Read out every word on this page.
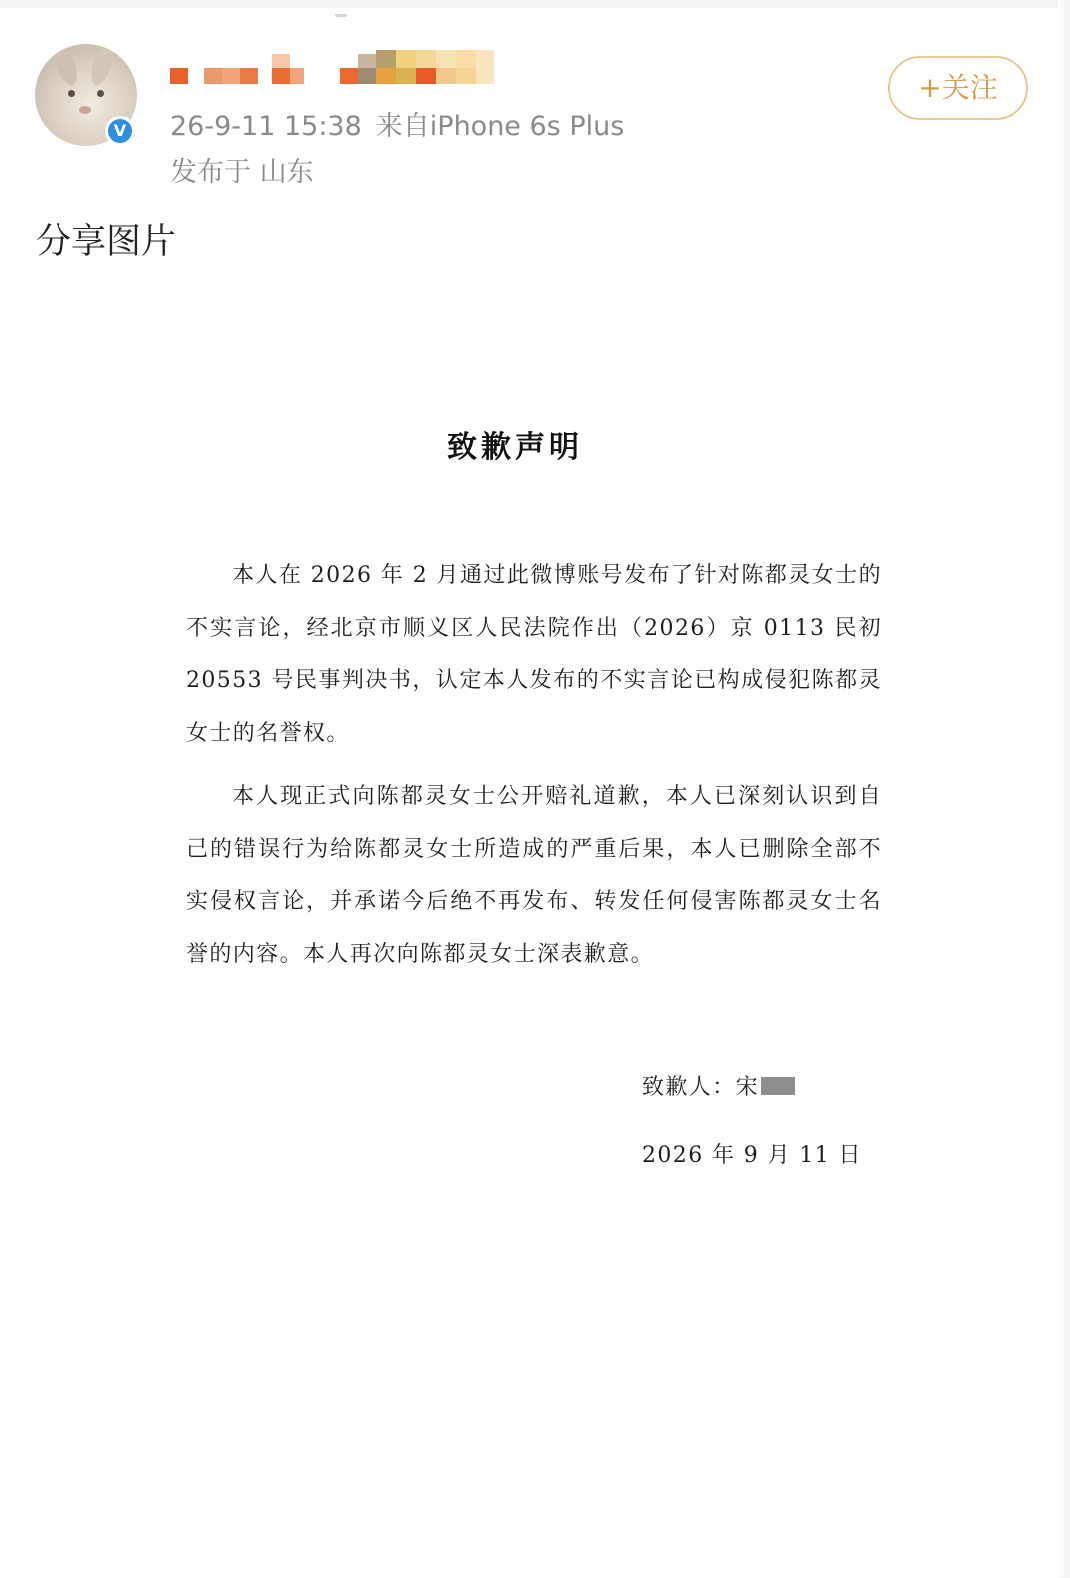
V	26-9-11 15:38 来自iPhone 6s Plus
发布于 山东
+关注
分享图片
致歉声明
本人在 2026 年 2 月通过此微博账号发布了针对陈都灵女士的不实言论，经北京市顺义区人民法院作出（2026）京 0113 民初 20553 号民事判决书，认定本人发布的不实言论已构成侵犯陈都灵女士的名誉权。
本人现正式向陈都灵女士公开赔礼道歉，本人已深刻认识到自己的错误行为给陈都灵女士所造成的严重后果，本人已删除全部不实侵权言论，并承诺今后绝不再发布、转发任何侵害陈都灵女士名誉的内容。本人再次向陈都灵女士深表歉意。
致歉人：宋
2026 年 9 月 11 日
